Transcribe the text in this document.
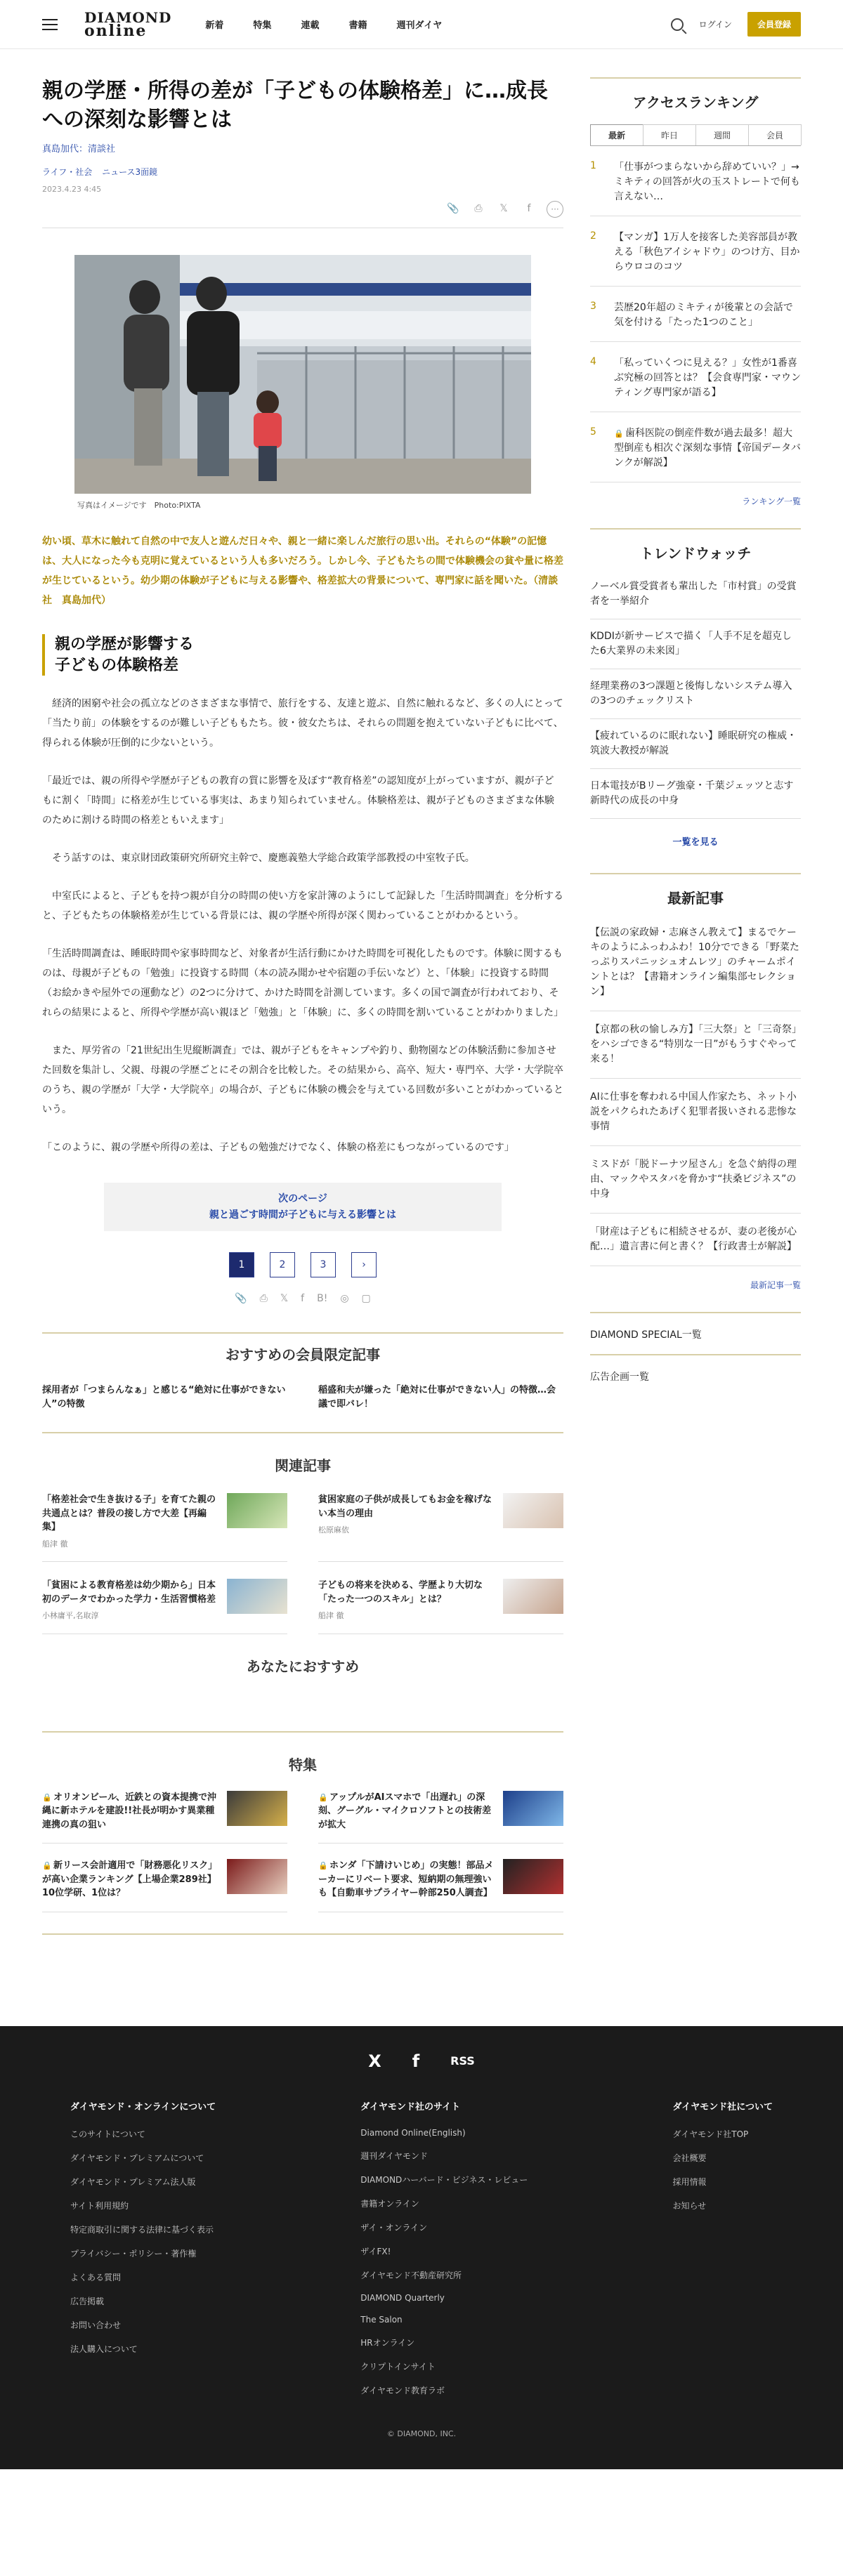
DIAMOND
online	新着	特集	連載	書籍	週刊ダイヤ	ログイン	会員登録
親の学歴・所得の差が「子どもの体験格差」に…成長への深刻な影響とは
真島加代：清談社
ライフ・社会 ニュース3面鏡
2023.4.23 4:45
📎	⎙	𝕏	f	···
写真はイメージです　Photo:PIXTA

幼い頃、草木に触れて自然の中で友人と遊んだ日々や、親と一緒に楽しんだ旅行の思い出。それらの“体験”の記憶は、大人になった今も克明に覚えているという人も多いだろう。しかし今、子どもたちの間で体験機会の貧や量に格差が生じているという。幼少期の体験が子どもに与える影響や、格差拡大の背景について、専門家に話を聞いた。（清談社　真島加代）

親の学歴が影響する
子どもの体験格差

　経済的困窮や社会の孤立などのさまざまな事情で、旅行をする、友達と遊ぶ、自然に触れるなど、多くの人にとって「当たり前」の体験をするのが難しい子どももたち。彼・彼女たちは、それらの問題を抱えていない子どもに比べて、得られる体験が圧倒的に少ないという。

「最近では、親の所得や学歴が子どもの教育の質に影響を及ぼす“教育格差”の認知度が上がっていますが、親が子どもに割く「時間」に格差が生じている事実は、あまり知られていません。体験格差は、親が子どものさまざまな体験のために割ける時間の格差ともいえます」

　そう話すのは、東京財団政策研究所研究主幹で、慶應義塾大学総合政策学部教授の中室牧子氏。

　中室氏によると、子どもを持つ親が自分の時間の使い方を家計簿のようにして記録した「生活時間調査」を分析すると、子どもたちの体験格差が生じている背景には、親の学歴や所得が深く関わっていることがわかるという。

「生活時間調査は、睡眠時間や家事時間など、対象者が生活行動にかけた時間を可視化したものです。体験に関するものは、母親が子どもの「勉強」に投資する時間（本の読み聞かせや宿題の手伝いなど）と、「体験」に投資する時間（お絵かきや屋外での運動など）の2つに分けて、かけた時間を計測しています。多くの国で調査が行われており、それらの結果によると、所得や学歴が高い親ほど「勉強」と「体験」に、多くの時間を割いていることがわかりました」

　また、厚労省の「21世紀出生児縦断調査」では、親が子どもをキャンプや釣り、動物園などの体験活動に参加させた回数を集計し、父親、母親の学歴ごとにその割合を比較した。その結果から、高卒、短大・専門卒、大学・大学院卒のうち、親の学歴が「大学・大学院卒」の場合が、子どもに体験の機会を与えている回数が多いことがわかっているという。

「このように、親の学歴や所得の差は、子どもの勉強だけでなく、体験の格差にもつながっているのです」

次のページ
親と過ごす時間が子どもに与える影響とは
1	2	3	›
📎 ⎙ 𝕏 f B! ◎ ▢
おすすめの会員限定記事
採用者が「つまらんなぁ」と感じる“絶対に仕事ができない人”の特徴
稲盛和夫が嫌った「絶対に仕事ができない人」の特徴…会議で即バレ！
関連記事
「格差社会で生き抜ける子」を育てた親の共通点とは？普段の接し方で大差【再編集】
船津 徹
貧困家庭の子供が成長してもお金を稼げない本当の理由
松原麻依
「貧困による教育格差は幼少期から」日本初のデータでわかった学力・生活習慣格差
小林庸平,名取淳
子どもの将来を決める、学歴より大切な「たった一つのスキル」とは？
船津 徹
あなたにおすすめ
特集
🔒 オリオンビール、近鉄との資本提携で沖縄に新ホテルを建設!!社長が明かす異業種連携の真の狙い
🔒 アップルがAIスマホで「出遅れ」の深刻、グーグル・マイクロソフトとの技術差が拡大
🔒 新リース会計適用で「財務悪化リスク」が高い企業ランキング【上場企業289社】10位学研、1位は？
🔒 ホンダ「下請けいじめ」の実態！部品メーカーにリベート要求、短納期の無理強いも【自動車サプライヤー幹部250人調査】
アクセスランキング
最新	昨日	週間	会員
1	「仕事がつまらないから辞めていい？」→ミキティの回答が火の玉ストレートで何も言えない…
2	【マンガ】1万人を接客した美容部員が教える「秋色アイシャドウ」のつけ方、目からウロコのコツ
3	芸歴20年超のミキティが後輩との会話で気を付ける「たった1つのこと」
4	「私っていくつに見える？」女性が1番喜ぶ究極の回答とは？【会食専門家・マウンティング専門家が語る】
5	🔒 歯科医院の倒産件数が過去最多！超大型倒産も相次ぐ深刻な事情【帝国データバンクが解説】
ランキング一覧
トレンドウォッチ
ノーベル賞受賞者も輩出した「市村賞」の受賞者を一挙紹介
KDDIが新サービスで描く「人手不足を超克した6大業界の未来図」
経理業務の3つ課題と後悔しないシステム導入の3つのチェックリスト
【疲れているのに眠れない】睡眠研究の権威・筑波大教授が解説
日本電技がBリーグ強豪・千葉ジェッツと志す新時代の成長の中身
一覧を見る
最新記事
【伝説の家政婦・志麻さん教えて】まるでケーキのようにふっわふわ！10分でできる「野菜たっぷりスパニッシュオムレツ」のチャームポイントとは？【書籍オンライン編集部セレクション】
【京都の秋の愉しみ方】「三大祭」と「三奇祭」をハシゴできる“特別な一日”がもうすぐやって来る！
AIに仕事を奪われる中国人作家たち、ネット小説をパクられたあげく犯罪者扱いされる悲惨な事情
ミスドが「脱ドーナツ屋さん」を急ぐ納得の理由、マックやスタバを脅かす“扶桑ビジネス”の中身
「財産は子どもに相続させるが、妻の老後が心配…」遺言書に何と書く？【行政書士が解説】
最新記事一覧
DIAMOND SPECIAL一覧
広告企画一覧
X f	RSS
ダイヤモンド・オンラインについて
このサイトについて
ダイヤモンド・プレミアムについて
ダイヤモンド・プレミアム法人版
サイト利用規約
特定商取引に関する法律に基づく表示
プライバシー・ポリシー・著作権
よくある質問
広告掲載
お問い合わせ
法人購入について
ダイヤモンド社のサイト
Diamond Online(English)
週刊ダイヤモンド
DIAMONDハーバード・ビジネス・レビュー
書籍オンライン
ザイ・オンライン
ザイFX!
ダイヤモンド不動産研究所
DIAMOND Quarterly
The Salon
HRオンライン
クリプトインサイト
ダイヤモンド教育ラボ
ダイヤモンド社について
ダイヤモンド社TOP
会社概要
採用情報
お知らせ
© DIAMOND, INC.
